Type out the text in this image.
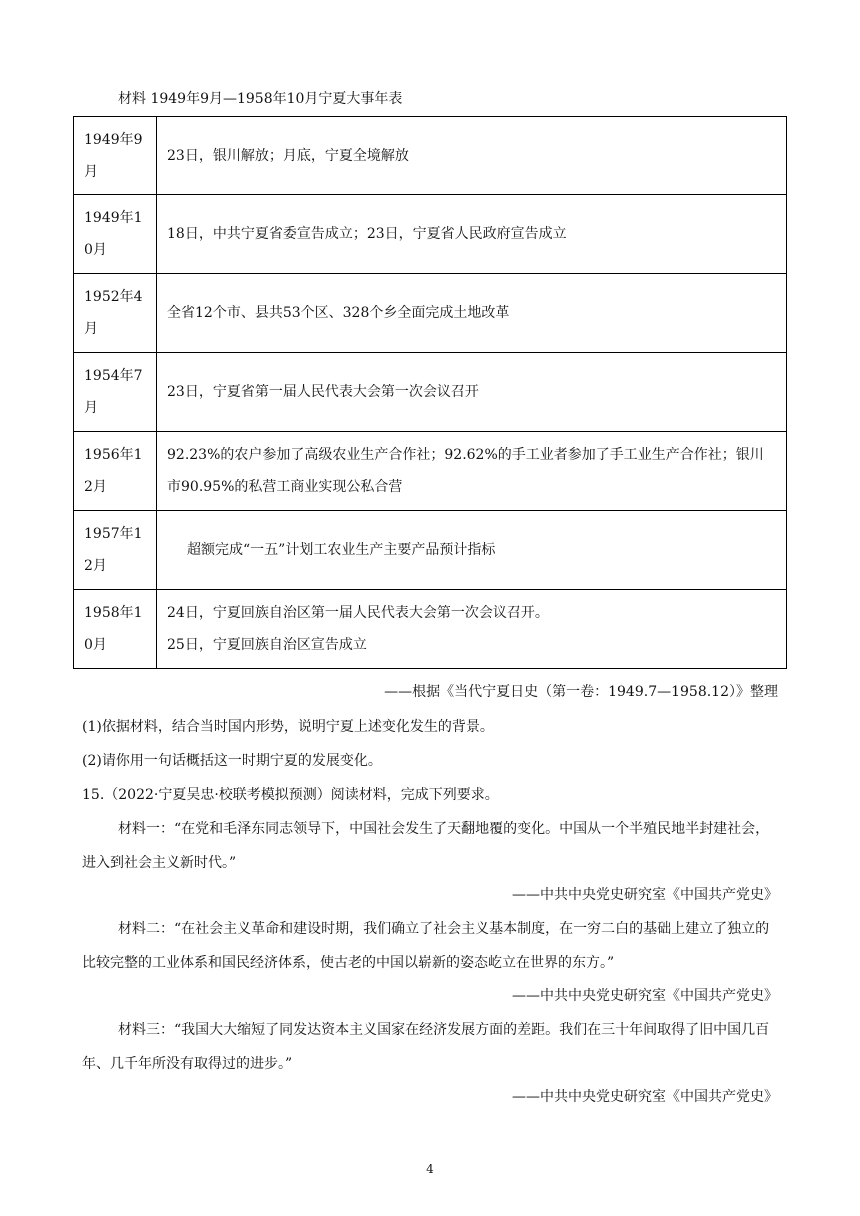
材料 1949年9月—1958年10月宁夏大事年表
1949年9月	23日，银川解放；月底，宁夏全境解放
1949年10月	18日，中共宁夏省委宣告成立；23日，宁夏省人民政府宣告成立
1952年4月	全省12个市、县共53个区、328个乡全面完成土地改革
1954年7月	23日，宁夏省第一届人民代表大会第一次会议召开
1956年12月	92.23%的农户参加了高级农业生产合作社；92.62%的手工业者参加了手工业生产合作社；银川市90.95%的私营工商业实现公私合营
1957年12月	超额完成“一五”计划工农业生产主要产品预计指标
1958年10月	24日，宁夏回族自治区第一届人民代表大会第一次会议召开。
25日，宁夏回族自治区宣告成立
——根据《当代宁夏日史（第一卷：1949.7—1958.12）》整理
(1)依据材料，结合当时国内形势，说明宁夏上述变化发生的背景。
(2)请你用一句话概括这一时期宁夏的发展变化。
15.（2022·宁夏吴忠·校联考模拟预测）阅读材料，完成下列要求。
材料一：“在党和毛泽东同志领导下，中国社会发生了天翻地覆的变化。中国从一个半殖民地半封建社会，进入到社会主义新时代。”
——中共中央党史研究室《中国共产党史》
材料二：“在社会主义革命和建设时期，我们确立了社会主义基本制度，在一穷二白的基础上建立了独立的比较完整的工业体系和国民经济体系，使古老的中国以崭新的姿态屹立在世界的东方。”
——中共中央党史研究室《中国共产党史》
材料三：“我国大大缩短了同发达资本主义国家在经济发展方面的差距。我们在三十年间取得了旧中国几百年、几千年所没有取得过的进步。”
——中共中央党史研究室《中国共产党史》
4
